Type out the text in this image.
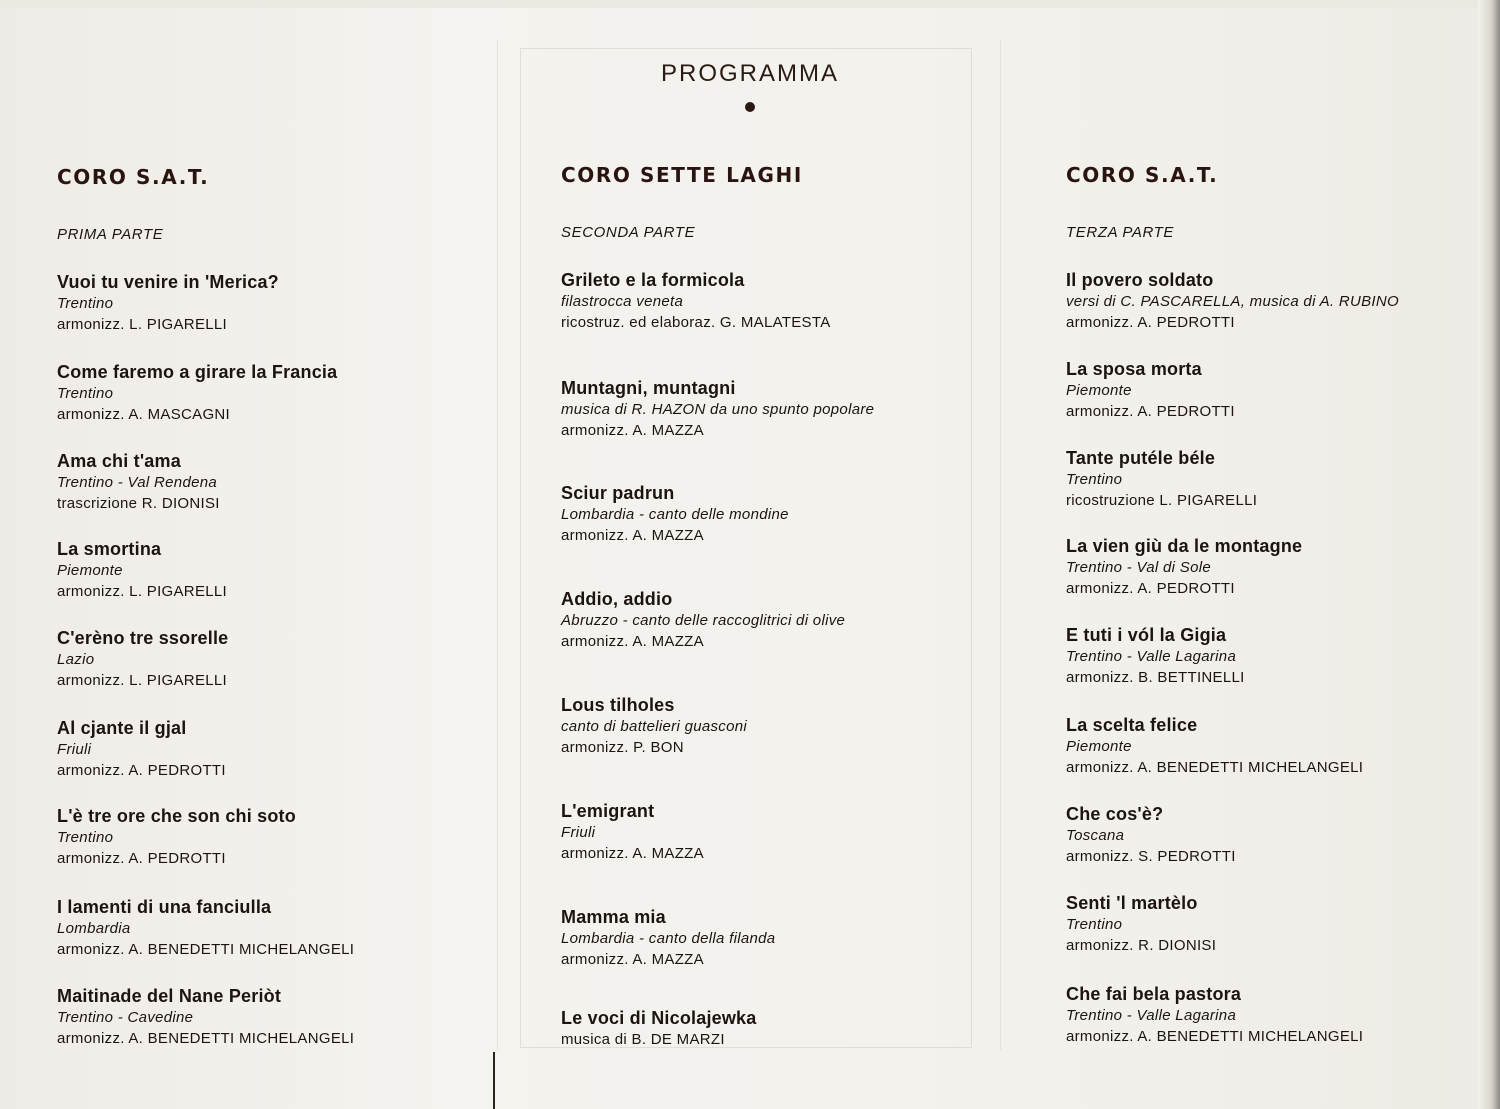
PROGRAMMA
CORO S.A.T.
PRIMA PARTE
Vuoi tu venire in 'Merica?
Trentino
armonizz. L. PIGARELLI
Come faremo a girare la Francia
Trentino
armonizz. A. MASCAGNI
Ama chi t'ama
Trentino - Val Rendena
trascrizione R. DIONISI
La smortina
Piemonte
armonizz. L. PIGARELLI
C'erèno tre ssorelle
Lazio
armonizz. L. PIGARELLI
Al cjante il gjal
Friuli
armonizz. A. PEDROTTI
L'è tre ore che son chi soto
Trentino
armonizz. A. PEDROTTI
I lamenti di una fanciulla
Lombardia
armonizz. A. BENEDETTI MICHELANGELI
Maitinade del Nane Periòt
Trentino - Cavedine
armonizz. A. BENEDETTI MICHELANGELI
CORO SETTE LAGHI
SECONDA PARTE
Grileto e la formicola
filastrocca veneta
ricostruz. ed elaboraz. G. MALATESTA
Muntagni, muntagni
musica di R. HAZON da uno spunto popolare
armonizz. A. MAZZA
Sciur padrun
Lombardia - canto delle mondine
armonizz. A. MAZZA
Addio, addio
Abruzzo - canto delle raccoglitrici di olive
armonizz. A. MAZZA
Lous tilholes
canto di battelieri guasconi
armonizz. P. BON
L'emigrant
Friuli
armonizz. A. MAZZA
Mamma mia
Lombardia - canto della filanda
armonizz. A. MAZZA
Le voci di Nicolajewka
musica di B. DE MARZI
CORO S.A.T.
TERZA PARTE
Il povero soldato
versi di C. PASCARELLA, musica di A. RUBINO
armonizz. A. PEDROTTI
La sposa morta
Piemonte
armonizz. A. PEDROTTI
Tante putéle béle
Trentino
ricostruzione L. PIGARELLI
La vien giù da le montagne
Trentino - Val di Sole
armonizz. A. PEDROTTI
E tuti i vól la Gigia
Trentino - Valle Lagarina
armonizz. B. BETTINELLI
La scelta felice
Piemonte
armonizz. A. BENEDETTI MICHELANGELI
Che cos'è?
Toscana
armonizz. S. PEDROTTI
Senti 'l martèlo
Trentino
armonizz. R. DIONISI
Che fai bela pastora
Trentino - Valle Lagarina
armonizz. A. BENEDETTI MICHELANGELI
